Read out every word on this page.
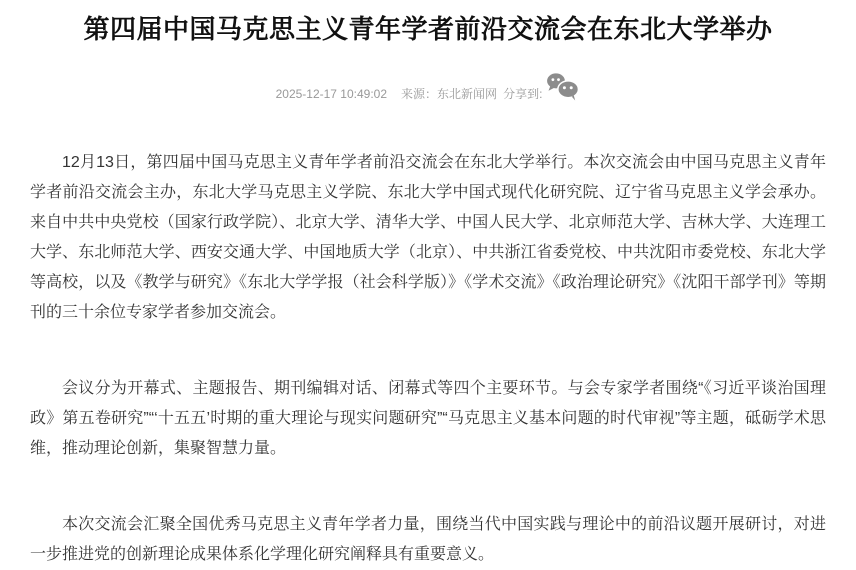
第四届中国马克思主义青年学者前沿交流会在东北大学举办
2025-12-17 10:49:02 来源：东北新闻网 分享到:

12月13日，第四届中国马克思主义青年学者前沿交流会在东北大学举行。本次交流会由中国马克思主义青年学者前沿交流会主办，东北大学马克思主义学院、东北大学中国式现代化研究院、辽宁省马克思主义学会承办。来自中共中央党校（国家行政学院）、北京大学、清华大学、中国人民大学、北京师范大学、吉林大学、大连理工大学、东北师范大学、西安交通大学、中国地质大学（北京）、中共浙江省委党校、中共沈阳市委党校、东北大学等高校，以及《教学与研究》《东北大学学报（社会科学版）》《学术交流》《政治理论研究》《沈阳干部学刊》等期刊的三十余位专家学者参加交流会。

会议分为开幕式、主题报告、期刊编辑对话、闭幕式等四个主要环节。与会专家学者围绕“《习近平谈治国理政》第五卷研究”“‘十五五’时期的重大理论与现实问题研究”“马克思主义基本问题的时代审视”等主题，砥砺学术思维，推动理论创新，集聚智慧力量。

本次交流会汇聚全国优秀马克思主义青年学者力量，围绕当代中国实践与理论中的前沿议题开展研讨，对进一步推进党的创新理论成果体系化学理化研究阐释具有重要意义。
